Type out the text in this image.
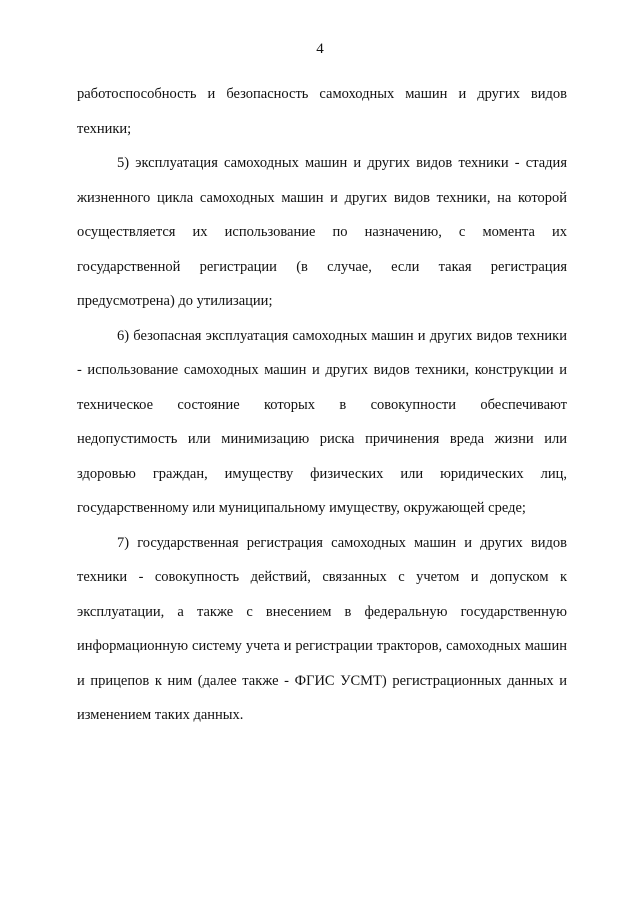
4

работоспособность и безопасность самоходных машин и других видов техники;

5) эксплуатация самоходных машин и других видов техники - стадия жизненного цикла самоходных машин и других видов техники, на которой осуществляется их использование по назначению, с момента их государственной регистрации (в случае, если такая регистрация предусмотрена) до утилизации;

6) безопасная эксплуатация самоходных машин и других видов техники - использование самоходных машин и других видов техники, конструкции и техническое состояние которых в совокупности обеспечивают недопустимость или минимизацию риска причинения вреда жизни или здоровью граждан, имуществу физических или юридических лиц, государственному или муниципальному имуществу, окружающей среде;

7) государственная регистрация самоходных машин и других видов техники - совокупность действий, связанных с учетом и допуском к эксплуатации, а также с внесением в федеральную государственную информационную систему учета и регистрации тракторов, самоходных машин и прицепов к ним (далее также - ФГИС УСМТ) регистрационных данных и изменением таких данных.
